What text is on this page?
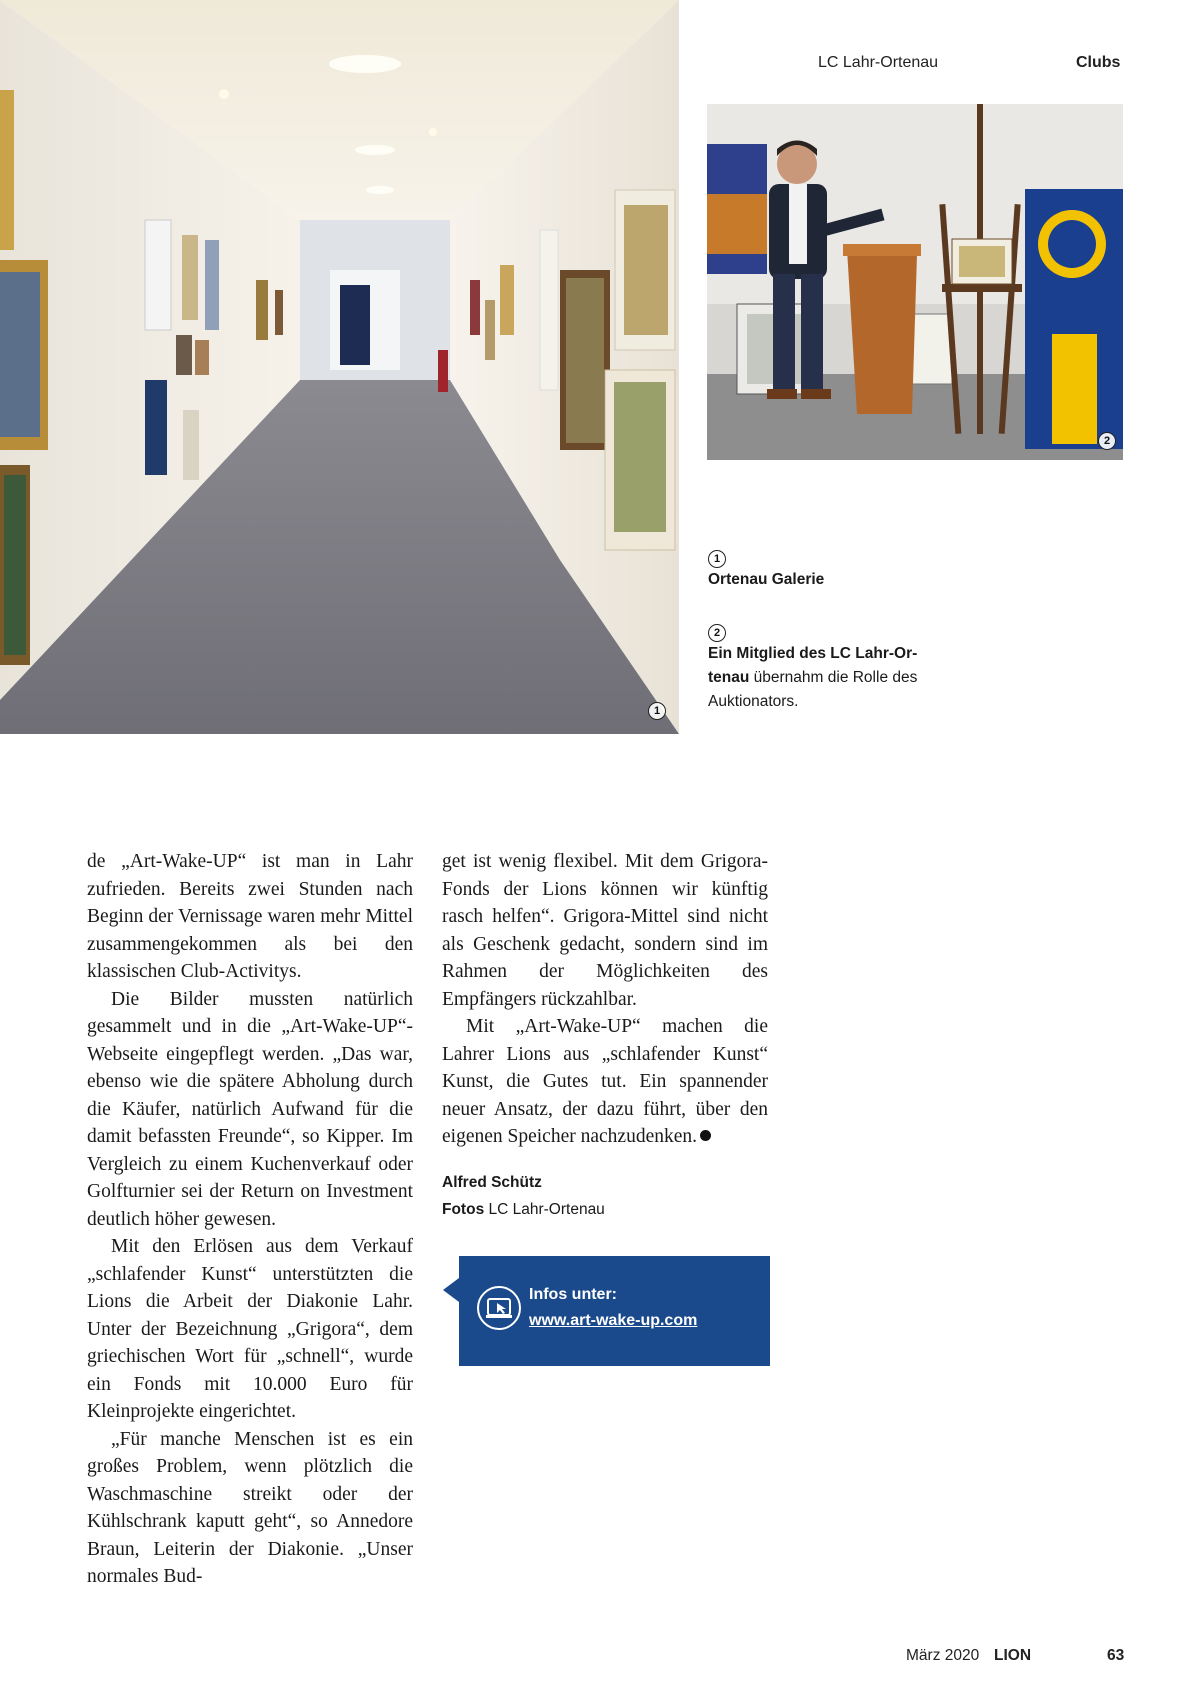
LC Lahr-Ortenau	Clubs
1
2
1
Ortenau Galerie
2
Ein Mitglied des LC Lahr-Or-
tenau übernahm die Rolle des
Auktionators.

de „Art-Wake-UP“ ist man in Lahr zufrieden. Bereits zwei Stunden nach Beginn der Vernissage waren mehr Mittel zusammengekommen als bei den klassischen Club-Activitys.

Die Bilder mussten natürlich gesammelt und in die „Art-Wake-UP“-Webseite eingepflegt werden. „Das war, ebenso wie die spätere Abholung durch die Käufer, natürlich Aufwand für die damit befassten Freunde“, so Kipper. Im Vergleich zu einem Kuchenverkauf oder Golfturnier sei der Return on Investment deutlich höher gewesen.

Mit den Erlösen aus dem Verkauf „schlafender Kunst“ unterstützten die Lions die Arbeit der Diakonie Lahr. Unter der Bezeichnung „Grigora“, dem griechischen Wort für „schnell“, wurde ein Fonds mit 10.000 Euro für Kleinprojekte eingerichtet.

„Für manche Menschen ist es ein großes Problem, wenn plötzlich die Waschmaschine streikt oder der Kühlschrank kaputt geht“, so Annedore Braun, Leiterin der Diakonie. „Unser normales Bud-

get ist wenig flexibel. Mit dem Grigora-Fonds der Lions können wir künftig rasch helfen“. Grigora-Mittel sind nicht als Geschenk gedacht, sondern sind im Rahmen der Möglichkeiten des Empfängers rückzahlbar.

Mit „Art-Wake-UP“ machen die Lahrer Lions aus „schlafender Kunst“ Kunst, die Gutes tut. Ein spannender neuer Ansatz, der dazu führt, über den eigenen Speicher nachzudenken.

Alfred Schütz
Fotos LC Lahr-Ortenau
Infos unter:
www.art-wake-up.com
März 2020 LION	63
